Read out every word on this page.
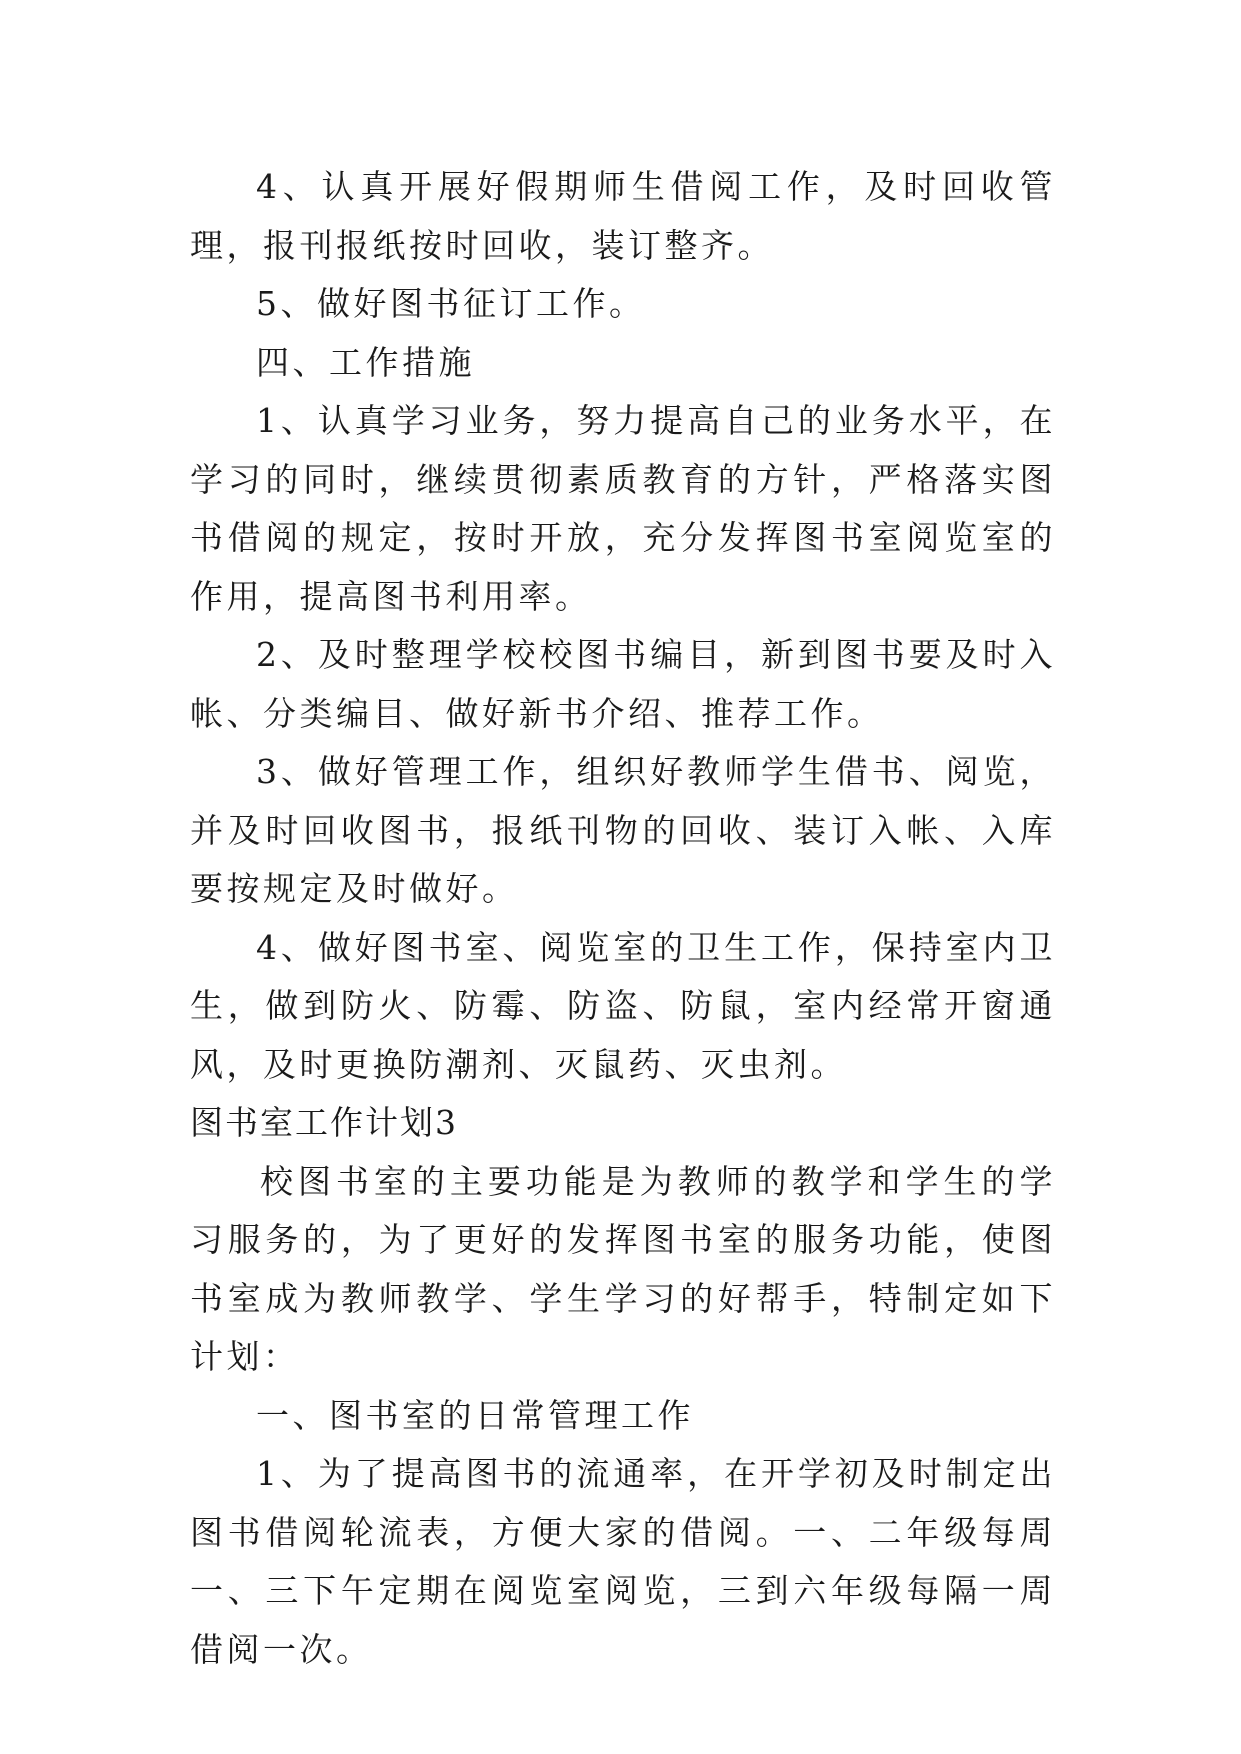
4、认真开展好假期师生借阅工作，及时回收管理，报刊报纸按时回收，装订整齐。

5、做好图书征订工作。

四、工作措施

1、认真学习业务，努力提高自己的业务水平，在学习的同时，继续贯彻素质教育的方针，严格落实图书借阅的规定，按时开放，充分发挥图书室阅览室的作用，提高图书利用率。

2、及时整理学校校图书编目，新到图书要及时入帐、分类编目、做好新书介绍、推荐工作。

3、做好管理工作，组织好教师学生借书、阅览，并及时回收图书，报纸刊物的回收、装订入帐、入库要按规定及时做好。

4、做好图书室、阅览室的卫生工作，保持室内卫生，做到防火、防霉、防盗、防鼠，室内经常开窗通风，及时更换防潮剂、灭鼠药、灭虫剂。

图书室工作计划3

校图书室的主要功能是为教师的教学和学生的学习服务的，为了更好的发挥图书室的服务功能，使图书室成为教师教学、学生学习的好帮手，特制定如下计划：

一、图书室的日常管理工作

1、为了提高图书的流通率，在开学初及时制定出图书借阅轮流表，方便大家的借阅。一、二年级每周一、三下午定期在阅览室阅览，三到六年级每隔一周借阅一次。
